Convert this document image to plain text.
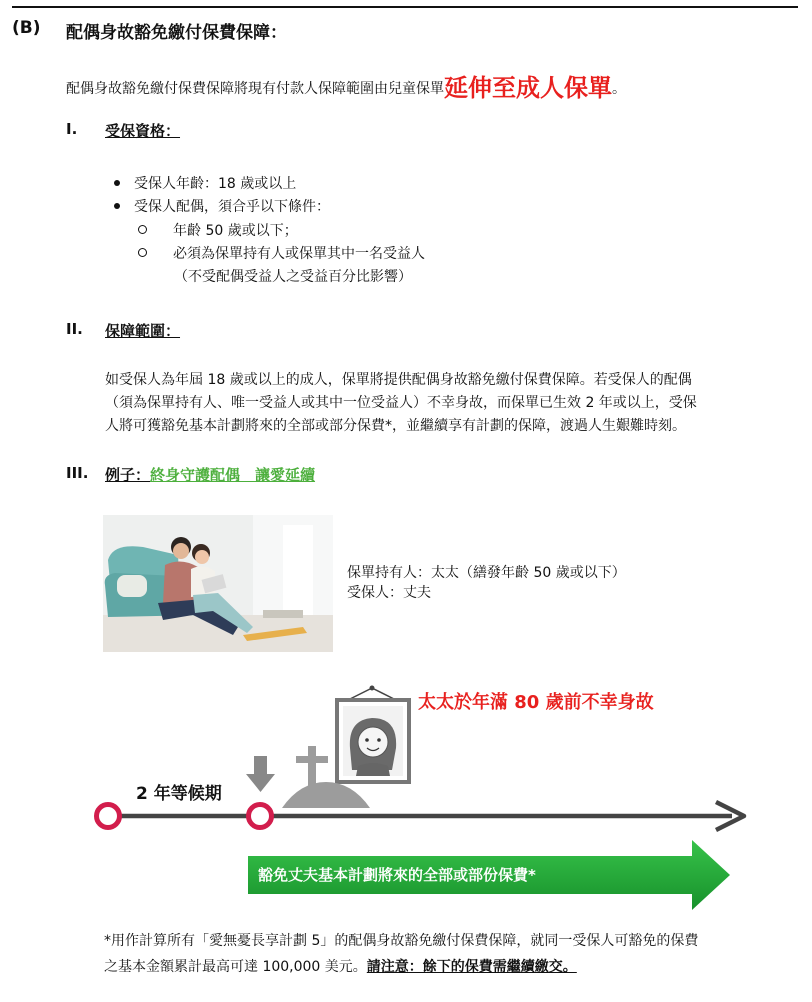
(B) 配偶身故豁免繳付保費保障：
配偶身故豁免繳付保費保障將現有付款人保障範圍由兒童保單延伸至成人保單。
I. 受保資格：
受保人年齡：18 歲或以上
受保人配偶，須合乎以下條件：
年齡 50 歲或以下；
必須為保單持有人或保單其中一名受益人
（不受配偶受益人之受益百分比影響）
II. 保障範圍：
如受保人為年屆 18 歲或以上的成人，保單將提供配偶身故豁免繳付保費保障。若受保人的配偶
（須為保單持有人、唯一受益人或其中一位受益人）不幸身故，而保單已生效 2 年或以上，受保
人將可獲豁免基本計劃將來的全部或部分保費*，並繼續享有計劃的保障，渡過人生艱難時刻。
III. 例子：終身守護配偶　讓愛延續
保單持有人：太太（繕發年齡 50 歲或以下）
受保人：丈夫
太太於年滿 80 歲前不幸身故
2 年等候期
豁免丈夫基本計劃將來的全部或部份保費*
*用作計算所有「愛無憂長享計劃 5」的配偶身故豁免繳付保費保障，就同一受保人可豁免的保費
之基本金額累計最高可達 100,000 美元。請注意：餘下的保費需繼續繳交。
